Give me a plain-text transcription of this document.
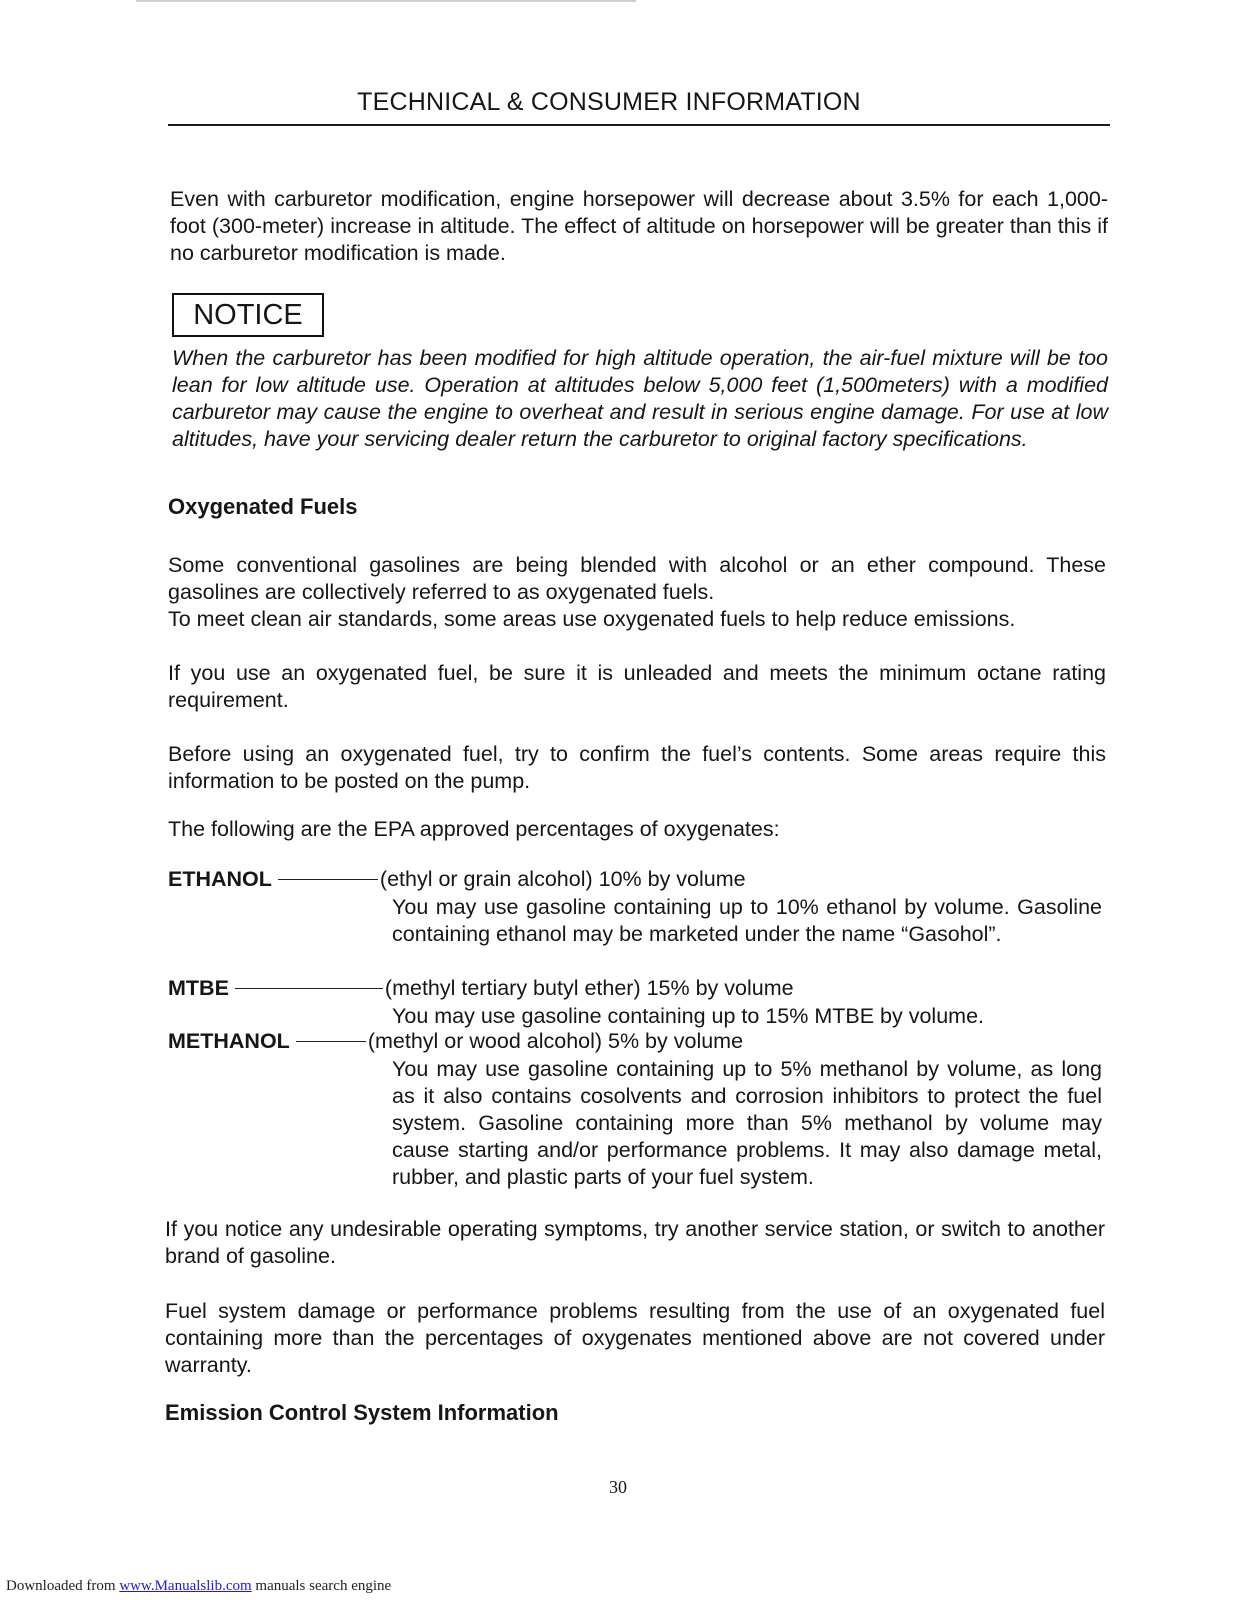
TECHNICAL & CONSUMER INFORMATION

Even with carburetor modification, engine horsepower will decrease about 3.5% for each 1,000-foot (300-meter) increase in altitude. The effect of altitude on horsepower will be greater than this if no carburetor modification is made.

NOTICE

When the carburetor has been modified for high altitude operation, the air-fuel mixture will be too lean for low altitude use. Operation at altitudes below 5,000 feet (1,500meters) with a modified carburetor may cause the engine to overheat and result in serious engine damage. For use at low altitudes, have your servicing dealer return the carburetor to original factory specifications.

Oxygenated Fuels

Some conventional gasolines are being blended with alcohol or an ether compound. These gasolines are collectively referred to as oxygenated fuels.

To meet clean air standards, some areas use oxygenated fuels to help reduce emissions.

If you use an oxygenated fuel, be sure it is unleaded and meets the minimum octane rating requirement.

Before using an oxygenated fuel, try to confirm the fuel’s contents. Some areas require this information to be posted on the pump.

The following are the EPA approved percentages of oxygenates:

ETHANOL	(ethyl or grain alcohol) 10% by volume

You may use gasoline containing up to 10% ethanol by volume. Gasoline containing ethanol may be marketed under the name “Gasohol”.

MTBE	(methyl tertiary butyl ether) 15% by volume

You may use gasoline containing up to 15% MTBE by volume.

METHANOL	(methyl or wood alcohol) 5% by volume

You may use gasoline containing up to 5% methanol by volume, as long as it also contains cosolvents and corrosion inhibitors to protect the fuel system. Gasoline containing more than 5% methanol by volume may cause starting and/or performance problems. It may also damage metal, rubber, and plastic parts of your fuel system.

If you notice any undesirable operating symptoms, try another service station, or switch to another brand of gasoline.

Fuel system damage or performance problems resulting from the use of an oxygenated fuel containing more than the percentages of oxygenates mentioned above are not covered under warranty.

Emission Control System Information
30
Downloaded from www.Manualslib.com manuals search engine
